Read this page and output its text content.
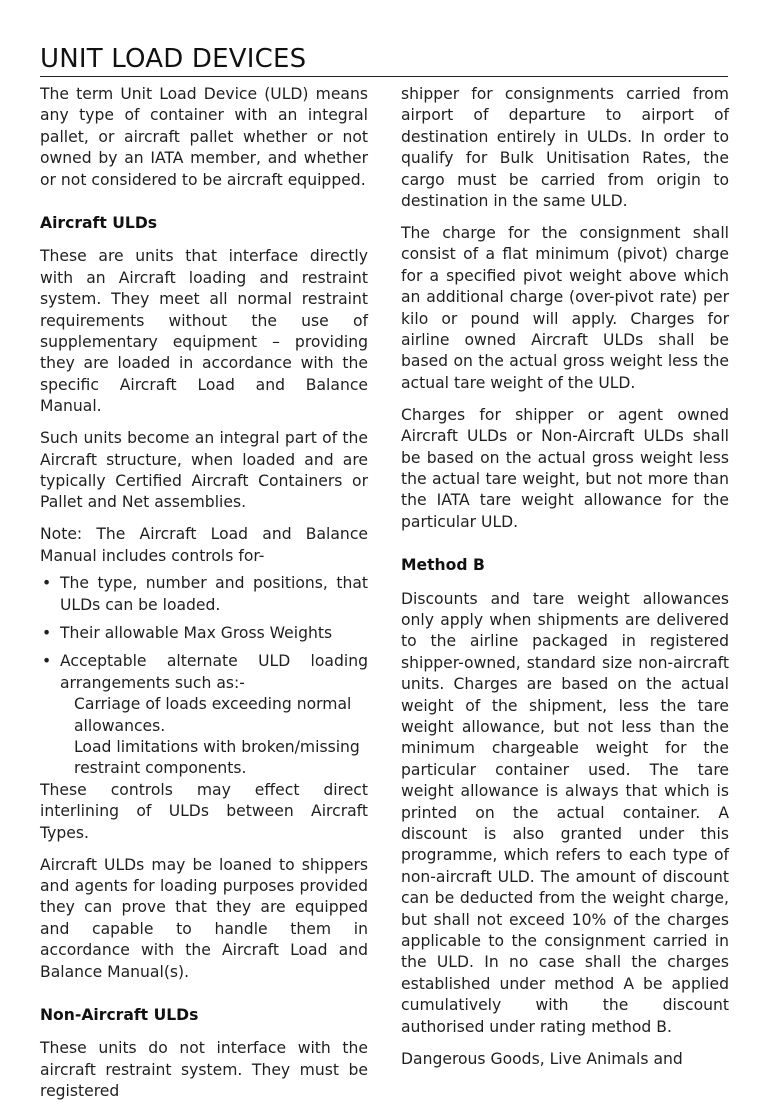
UNIT LOAD DEVICES

The term Unit Load Device (ULD) means any type of container with an integral pallet, or aircraft pallet whether or not owned by an IATA member, and whether or not considered to be aircraft equipped.

Aircraft ULDs

These are units that interface directly with an Aircraft loading and restraint system. They meet all normal restraint requirements without the use of supplementary equipment – providing they are loaded in accordance with the specific Aircraft Load and Balance Manual.

Such units become an integral part of the Aircraft structure, when loaded and are typically Certified Aircraft Containers or Pallet and Net assemblies.

Note: The Aircraft Load and Balance Manual includes controls for-

• The type, number and positions, that ULDs can be loaded.
• Their allowable Max Gross Weights
• Acceptable alternate ULD loading arrangements such as:-

Carriage of loads exceeding normal allowances.

Load limitations with broken/missing restraint components.

These controls may effect direct interlining of ULDs between Aircraft Types.

Aircraft ULDs may be loaned to shippers and agents for loading purposes provided they can prove that they are equipped and capable to handle them in accordance with the Aircraft Load and Balance Manual(s).

Non-Aircraft ULDs

These units do not interface with the aircraft restraint system. They must be registered

shipper for consignments carried from airport of departure to airport of destination entirely in ULDs. In order to qualify for Bulk Unitisation Rates, the cargo must be carried from origin to destination in the same ULD.

The charge for the consignment shall consist of a flat minimum (pivot) charge for a specified pivot weight above which an additional charge (over-pivot rate) per kilo or pound will apply. Charges for airline owned Aircraft ULDs shall be based on the actual gross weight less the actual tare weight of the ULD.

Charges for shipper or agent owned Aircraft ULDs or Non-Aircraft ULDs shall be based on the actual gross weight less the actual tare weight, but not more than the IATA tare weight allowance for the particular ULD.

Method B

Discounts and tare weight allowances only apply when shipments are delivered to the airline packaged in registered shipper-owned, standard size non-aircraft units. Charges are based on the actual weight of the shipment, less the tare weight allowance, but not less than the minimum chargeable weight for the particular container used. The tare weight allowance is always that which is printed on the actual container. A discount is also granted under this programme, which refers to each type of non-aircraft ULD. The amount of discount can be deducted from the weight charge, but shall not exceed 10% of the charges applicable to the consignment carried in the ULD. In no case shall the charges established under method A be applied cumulatively with the discount authorised under rating method B.

Dangerous Goods, Live Animals and
